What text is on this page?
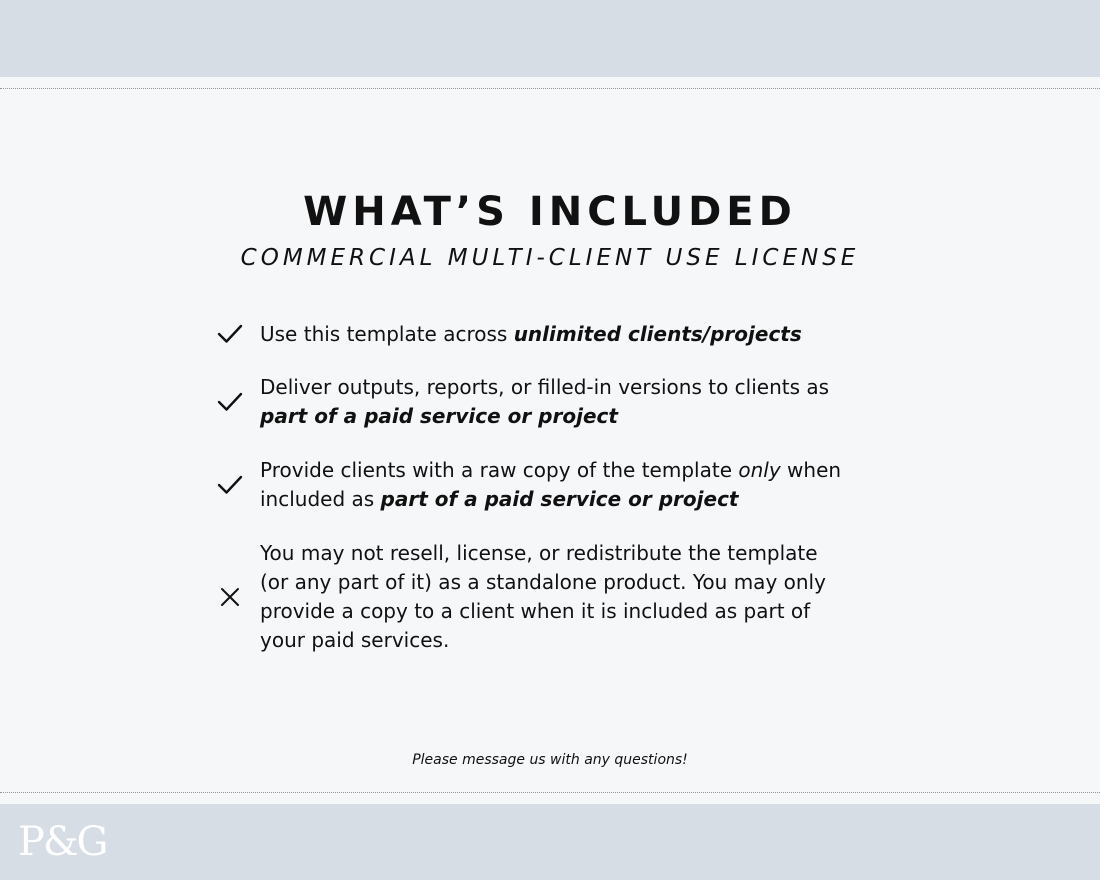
P&G
WHAT’S INCLUDED
COMMERCIAL MULTI-CLIENT USE LICENSE
Use this template across unlimited clients/projects
Deliver outputs, reports, or filled-in versions to clients as
part of a paid service or project
Provide clients with a raw copy of the template only when
included as part of a paid service or project
You may not resell, license, or redistribute the template
(or any part of it) as a standalone product. You may only
provide a copy to a client when it is included as part of
your paid services.
Please message us with any questions!
